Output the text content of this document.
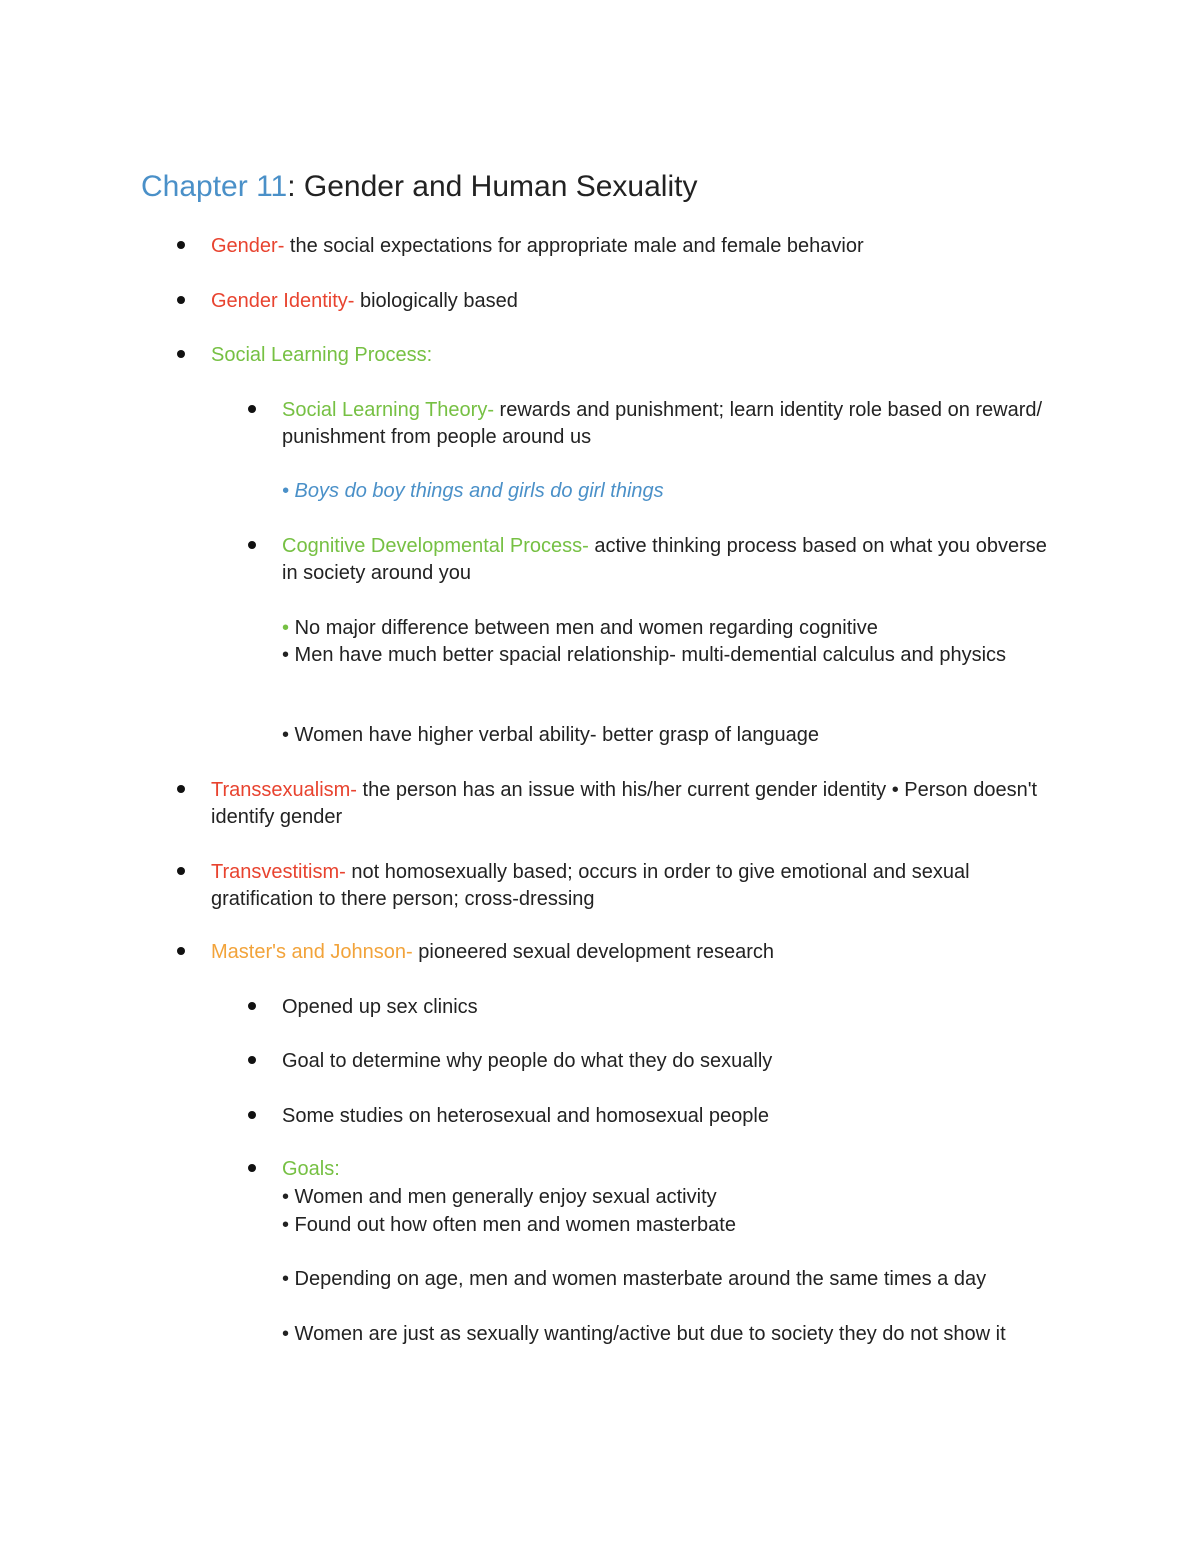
Chapter 11: Gender and Human Sexuality
Gender- the social expectations for appropriate male and female behavior
Gender Identity- biologically based
Social Learning Process:
Social Learning Theory- rewards and punishment; learn identity role based on reward/ punishment from people around us

• Boys do boy things and girls do girl things

Cognitive Developmental Process- active thinking process based on what you obverse in society around you

• No major difference between men and women regarding cognitive

• Men have much better spacial relationship- multi-demential calculus and physics

• Women have higher verbal ability- better grasp of language

Transsexualism- the person has an issue with his/her current gender identity • Person doesn't identify gender
Transvestitism- not homosexually based; occurs in order to give emotional and sexual gratification to there person; cross-dressing
Master's and Johnson- pioneered sexual development research
Opened up sex clinics
Goal to determine why people do what they do sexually
Some studies on heterosexual and homosexual people
Goals:

• Women and men generally enjoy sexual activity

• Found out how often men and women masterbate

• Depending on age, men and women masterbate around the same times a day

• Women are just as sexually wanting/active but due to society they do not show it
